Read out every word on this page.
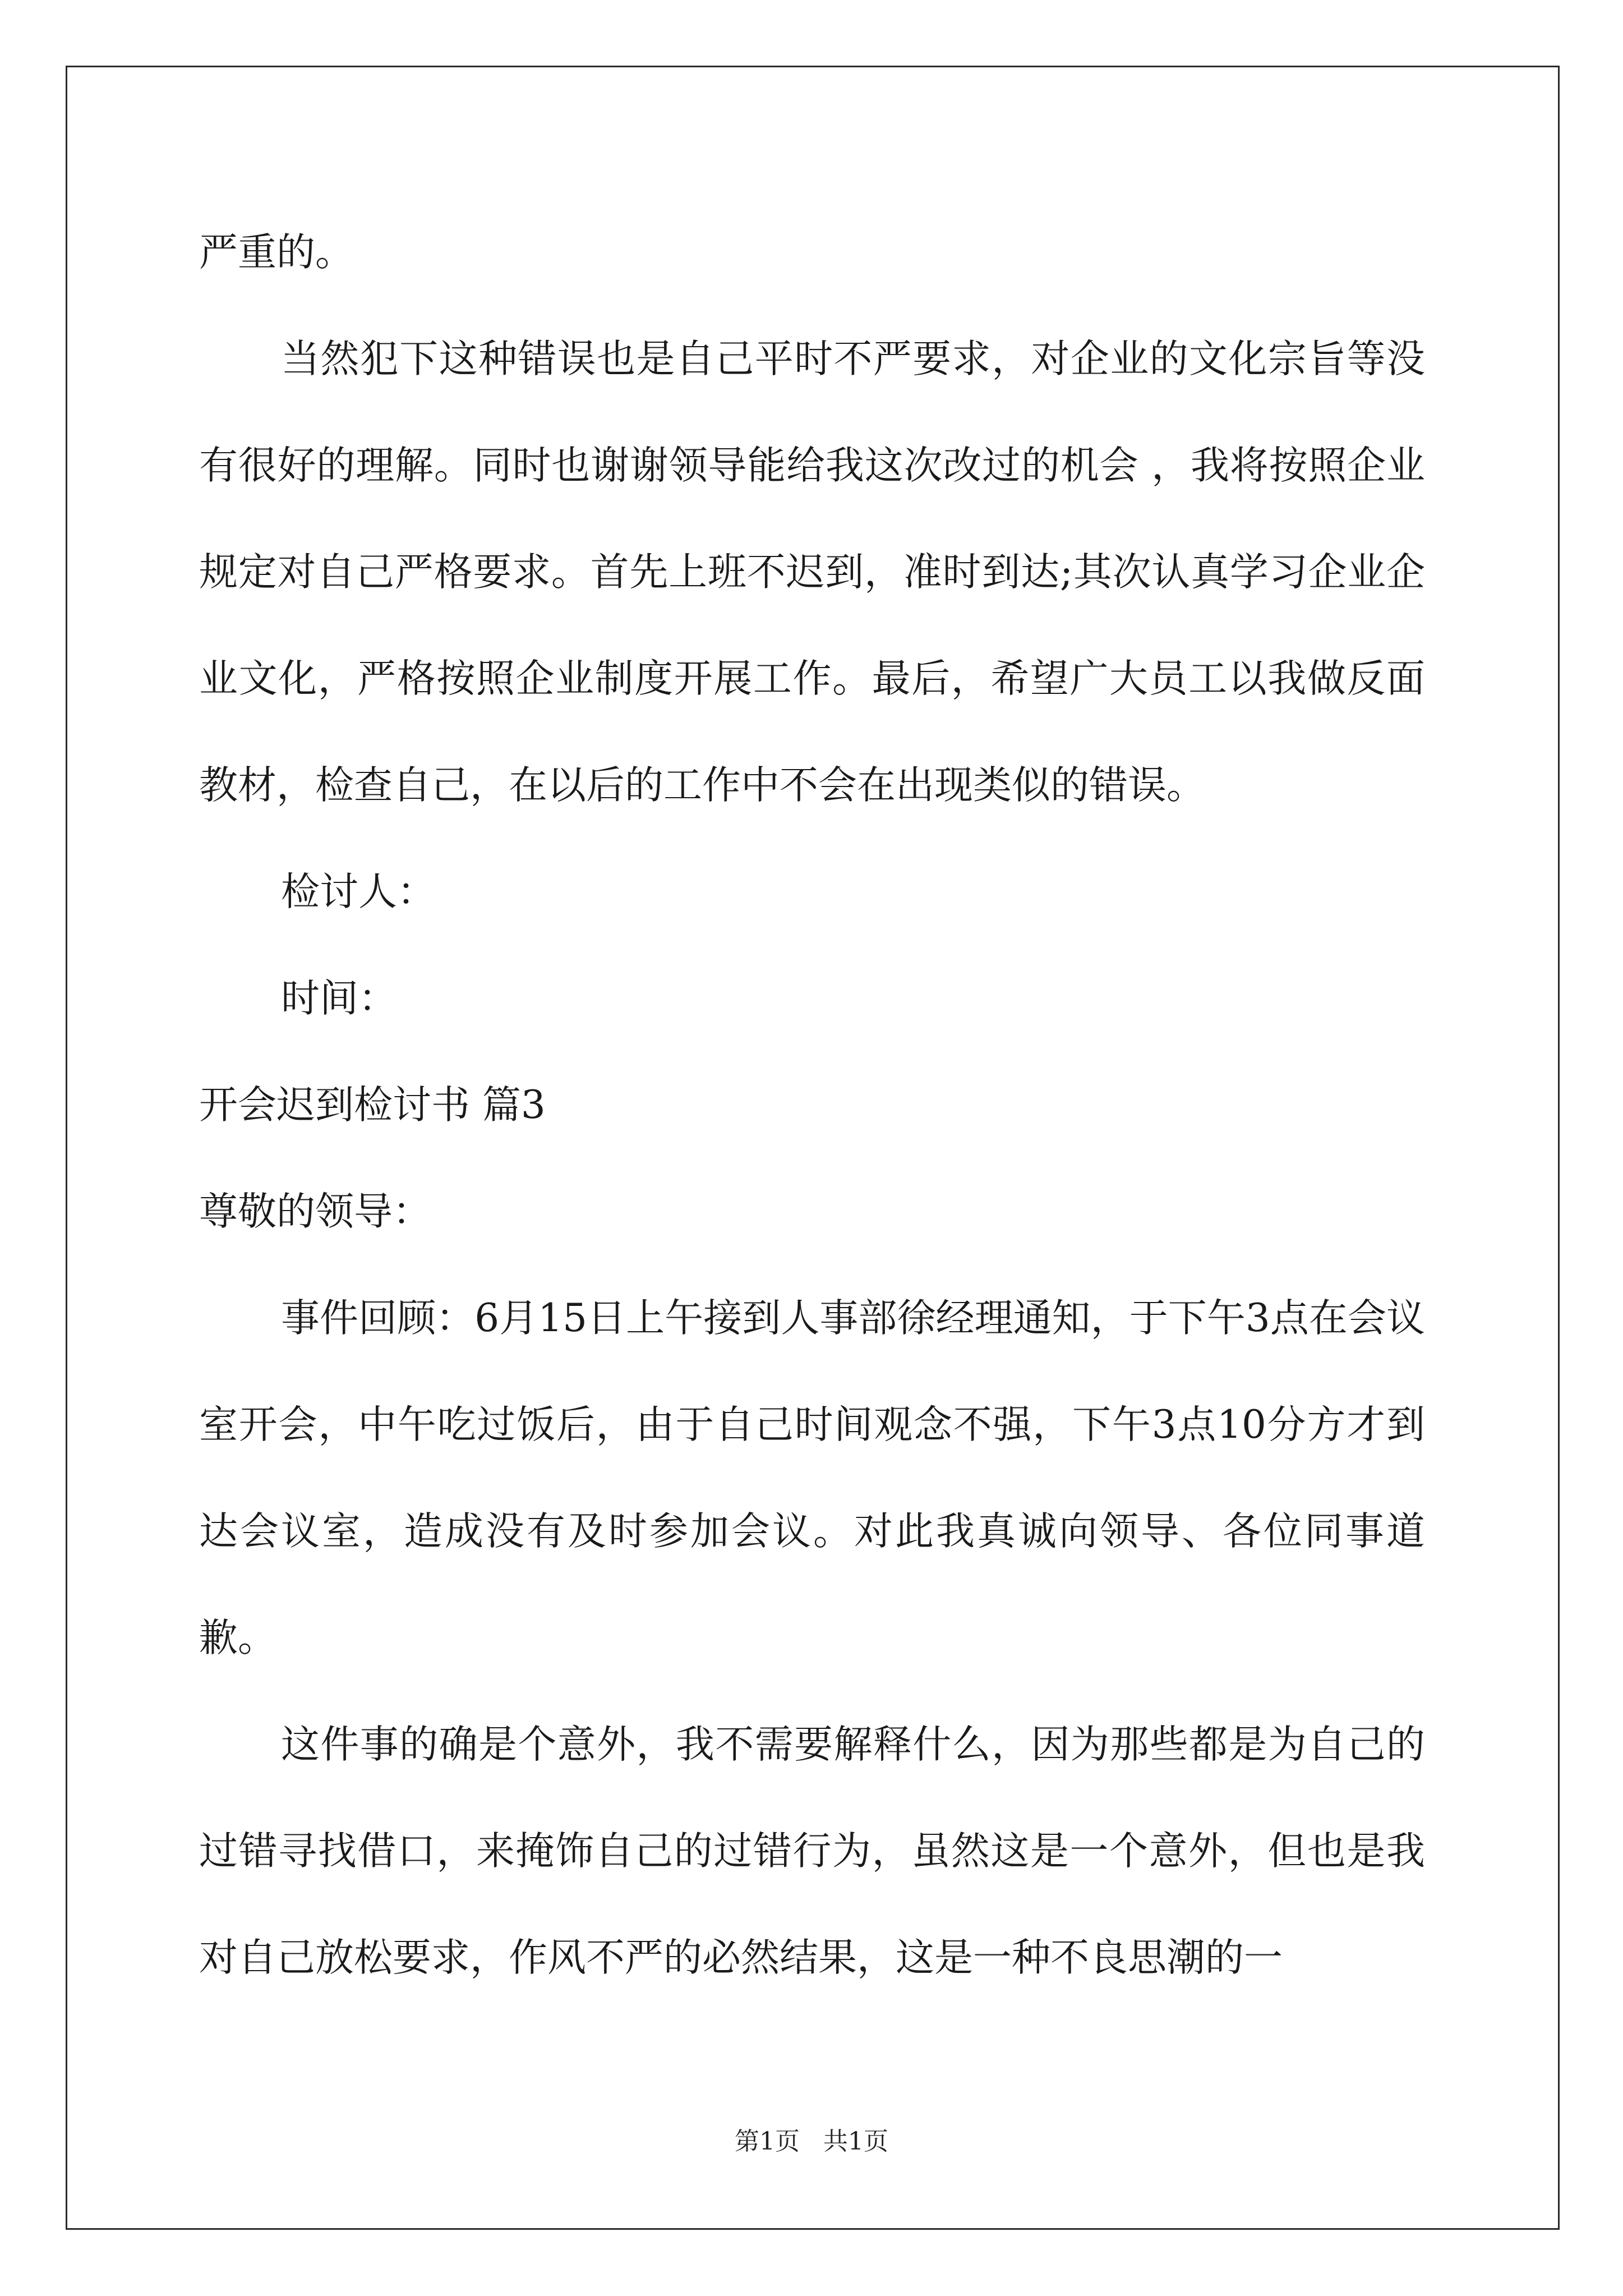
严重的。

当然犯下这种错误也是自己平时不严要求，对企业的文化宗旨等没有很好的理解。同时也谢谢领导能给我这次改过的机会 ，我将按照企业规定对自己严格要求。首先上班不迟到，准时到达;其次认真学习企业企业文化，严格按照企业制度开展工作。最后，希望广大员工以我做反面教材，检查自己，在以后的工作中不会在出现类似的错误。

检讨人：

时间：

开会迟到检讨书 篇3

尊敬的领导：

事件回顾：6月15日上午接到人事部徐经理通知，于下午3点在会议室开会，中午吃过饭后，由于自己时间观念不强，下午3点10分方才到达会议室，造成没有及时参加会议。对此我真诚向领导、各位同事道歉。

这件事的确是个意外，我不需要解释什么，因为那些都是为自己的过错寻找借口，来掩饰自己的过错行为，虽然这是一个意外，但也是我对自己放松要求，作风不严的必然结果，这是一种不良思潮的一

第1页 共1页
